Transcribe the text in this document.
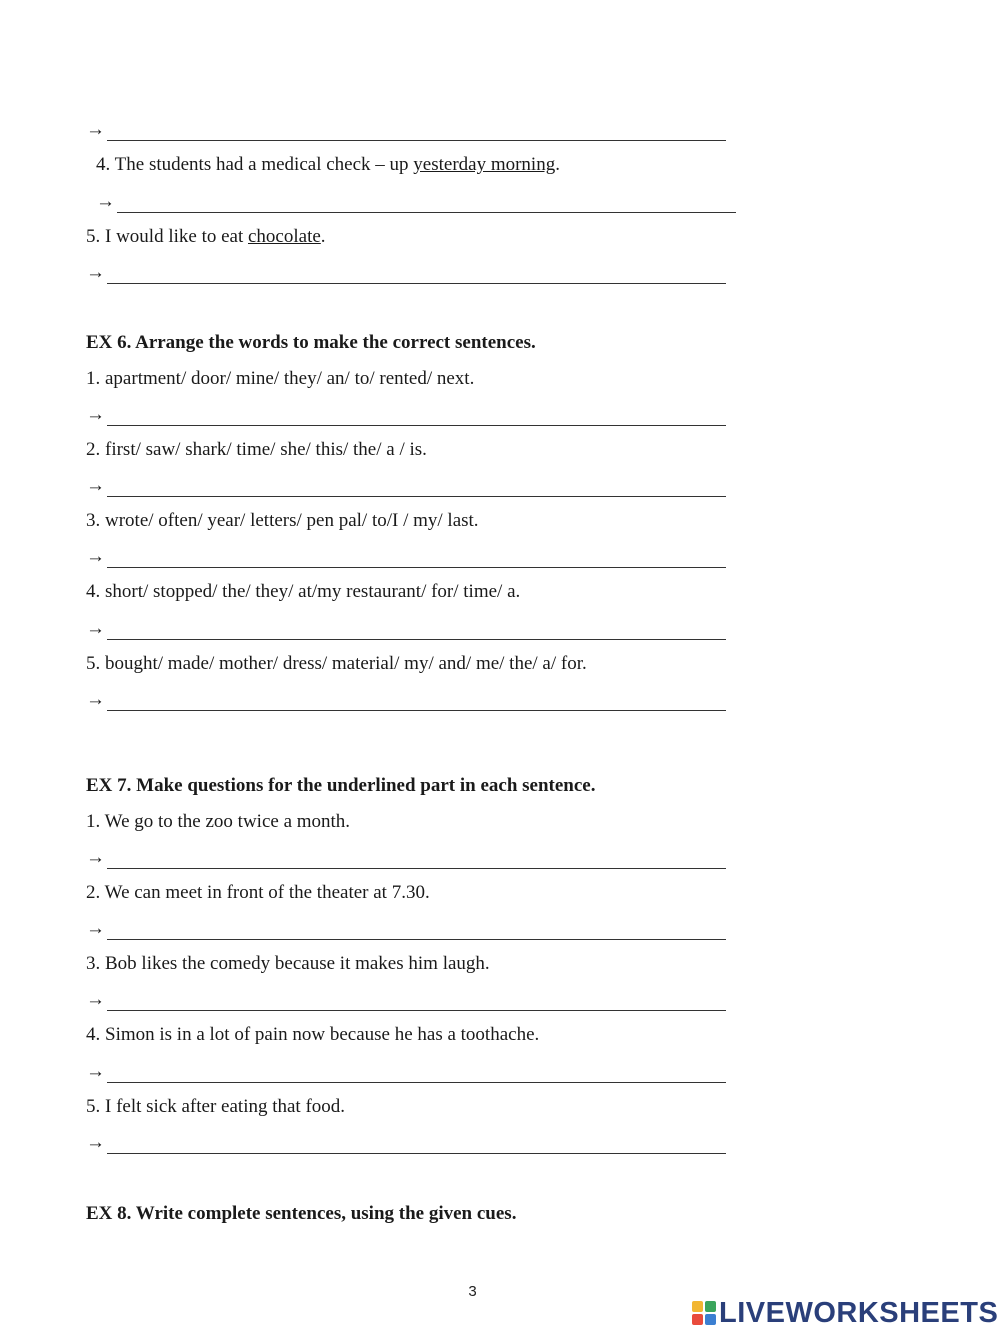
→
4. The students had a medical check – up yesterday morning.
→
5. I would like to eat chocolate.
→
EX 6. Arrange the words to make the correct sentences.
1. apartment/ door/ mine/ they/ an/ to/ rented/ next.
→
2. first/ saw/ shark/ time/ she/ this/ the/ a / is.
→
3. wrote/ often/ year/ letters/ pen pal/ to/I / my/ last.
→
4. short/ stopped/ the/ they/ at/my restaurant/ for/ time/ a.
→
5. bought/ made/ mother/ dress/ material/ my/ and/ me/ the/ a/ for.
→
EX 7. Make questions for the underlined part in each sentence.
1. We go to the zoo twice a month.
→
2. We can meet in front of the theater at 7.30.
→
3. Bob likes the comedy because it makes him laugh.
→
4. Simon is in a lot of pain now because he has a toothache.
→
5. I felt sick after eating that food.
→
EX 8. Write complete sentences, using the given cues.
3
LIVEWORKSHEETS
